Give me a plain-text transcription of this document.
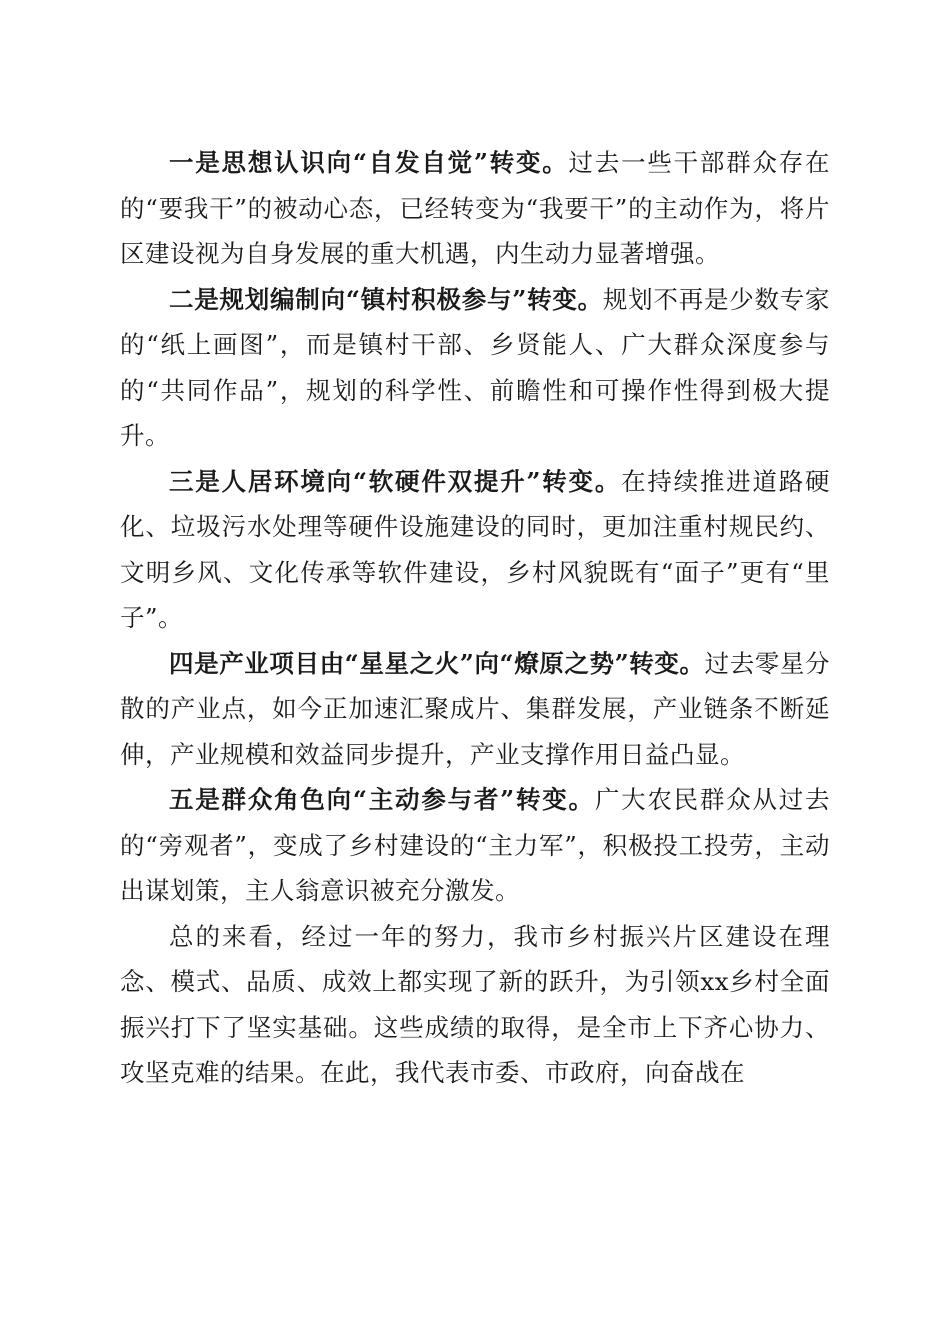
一是思想认识向“自发自觉”转变。过去一些干部群众存在的“要我干”的被动心态，已经转变为“我要干”的主动作为，将片区建设视为自身发展的重大机遇，内生动力显著增强。

二是规划编制向“镇村积极参与”转变。规划不再是少数专家的“纸上画图”，而是镇村干部、乡贤能人、广大群众深度参与的“共同作品”，规划的科学性、前瞻性和可操作性得到极大提升。

三是人居环境向“软硬件双提升”转变。在持续推进道路硬化、垃圾污水处理等硬件设施建设的同时，更加注重村规民约、文明乡风、文化传承等软件建设，乡村风貌既有“面子”更有“里子”。

四是产业项目由“星星之火”向“燎原之势”转变。过去零星分散的产业点，如今正加速汇聚成片、集群发展，产业链条不断延伸，产业规模和效益同步提升，产业支撑作用日益凸显。

五是群众角色向“主动参与者”转变。广大农民群众从过去的“旁观者”，变成了乡村建设的“主力军”，积极投工投劳，主动出谋划策，主人翁意识被充分激发。

总的来看，经过一年的努力，我市乡村振兴片区建设在理念、模式、品质、成效上都实现了新的跃升，为引领xx乡村全面振兴打下了坚实基础。这些成绩的取得，是全市上下齐心协力、攻坚克难的结果。在此，我代表市委、市政府，向奋战在
